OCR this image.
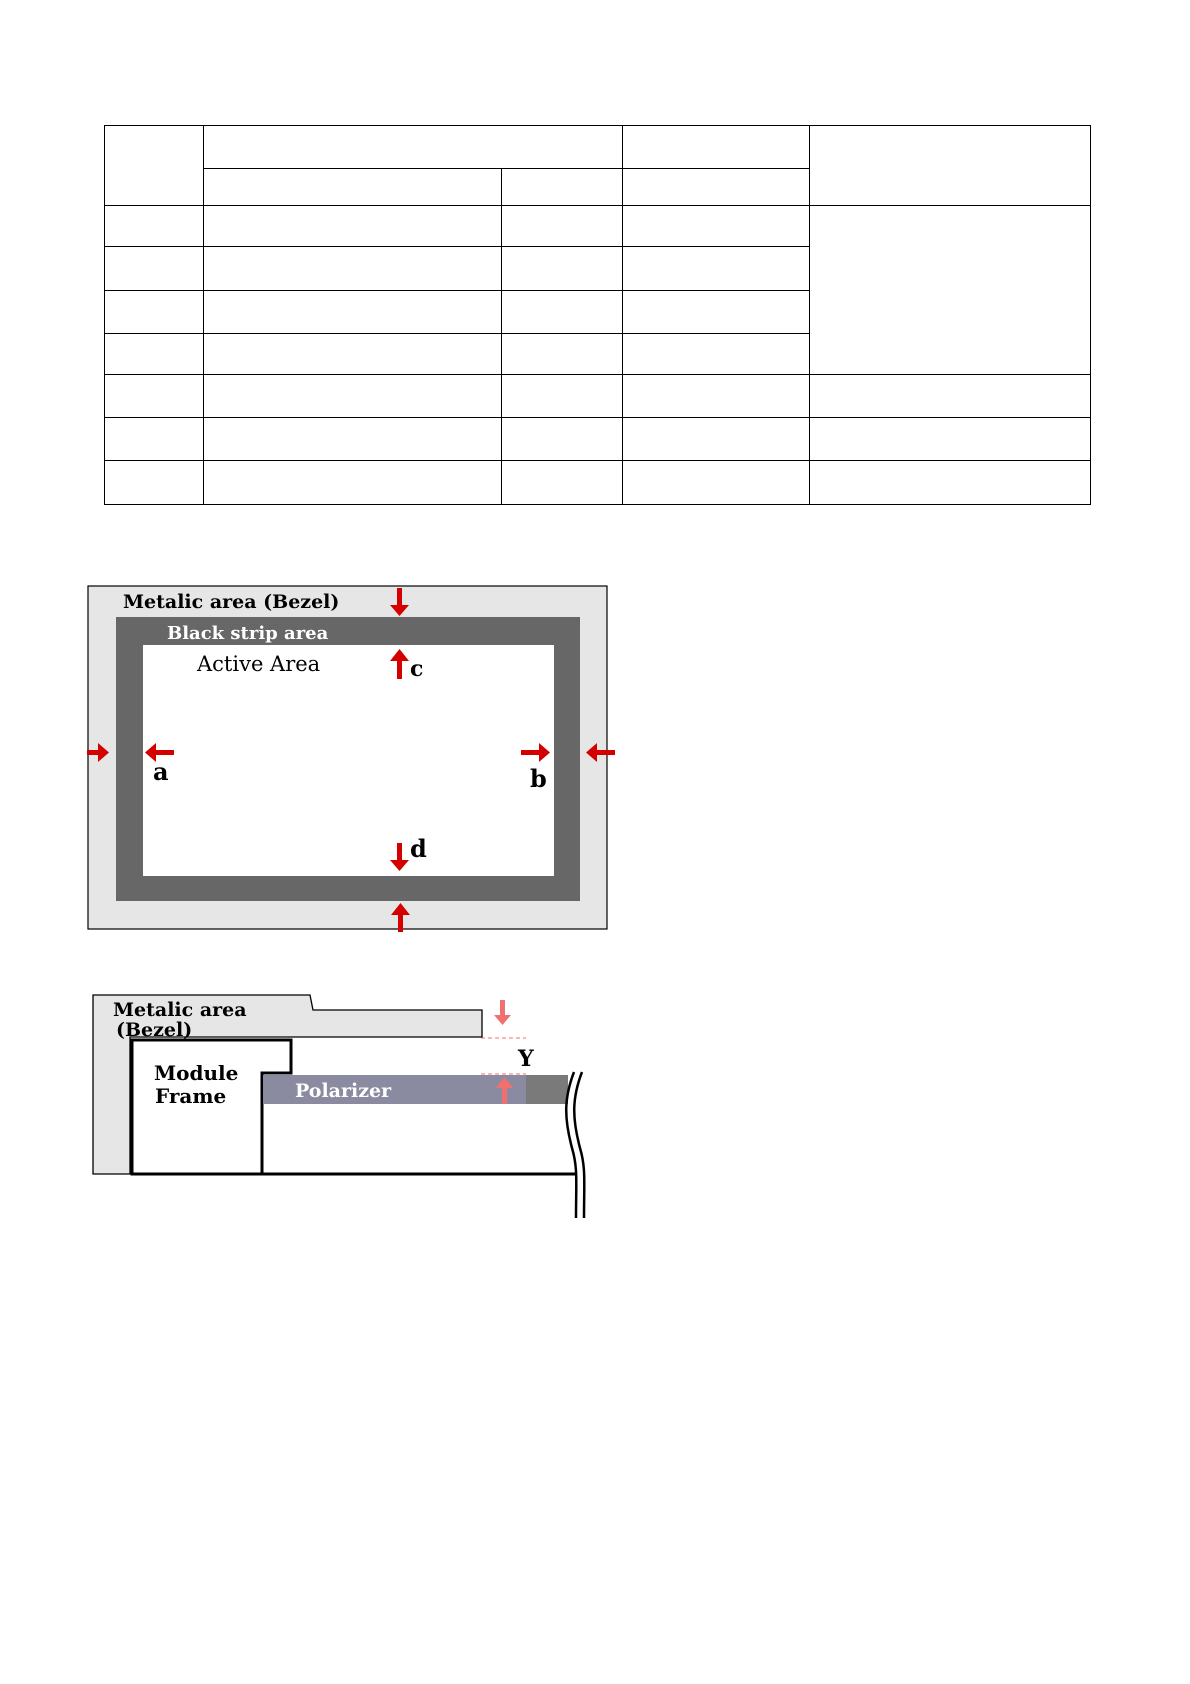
Metalic area (Bezel)
Black strip area
Active Area	c
a	b
d
Metalic area
(Bezel)
Module
Frame	Polarizer
Y
